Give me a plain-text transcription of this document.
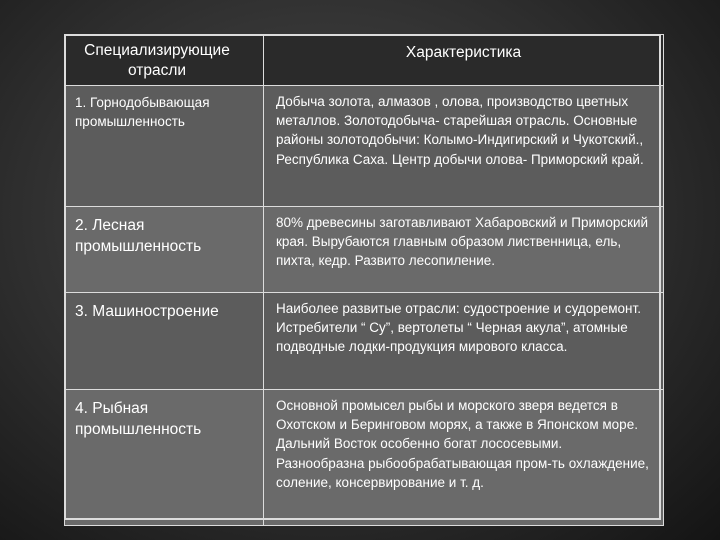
Специализирующие отрасли	Характеристика

1. Горнодобывающая промышленность	Добыча золота, алмазов , олова, производство цветных металлов. Золотодобыча- старейшая отрасль. Основные районы золотодобычи: Колымо-Индигирский и Чукотский., Республика Саха. Центр добычи олова- Приморский край.

2. Лесная промышленность	80% древесины заготавливают Хабаровский и Приморский края. Вырубаются главным образом лиственница, ель, пихта, кедр. Развито лесопиление.

3. Машиностроение	Наиболее развитые отрасли: судостроение и судоремонт. Истребители “ Су”, вертолеты “ Черная акула”, атомные подводные лодки-продукция мирового класса.

4. Рыбная промышленность	Основной промысел рыбы и морского зверя ведется в Охотском и Беринговом морях, а также в Японском море. Дальний Восток особенно богат лососевыми. Разнообразна рыбообрабатывающая пром-ть охлаждение, соление, консервирование и т. д.
